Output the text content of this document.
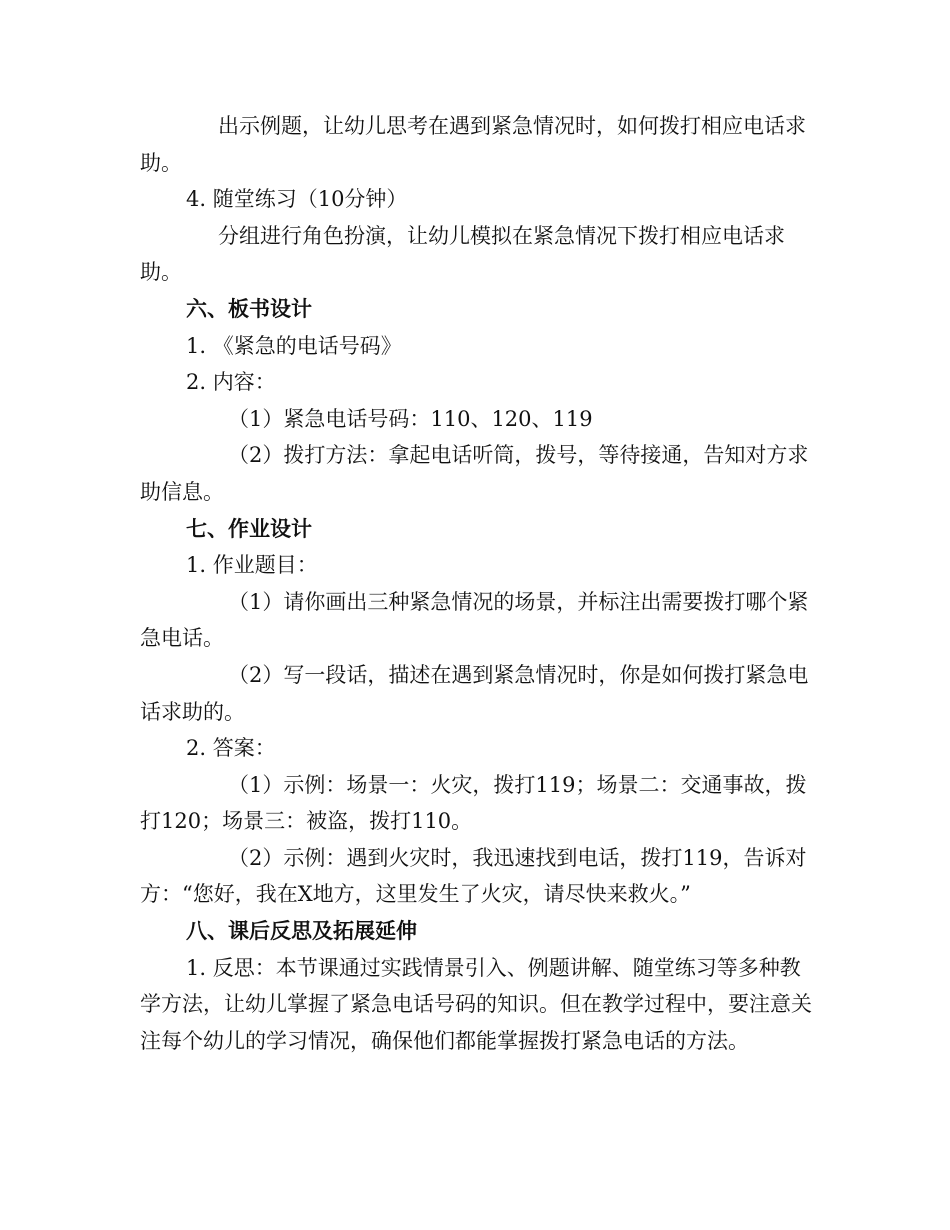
出示例题，让幼儿思考在遇到紧急情况时，如何拨打相应电话求助。

4. 随堂练习（10分钟）

分组进行角色扮演，让幼儿模拟在紧急情况下拨打相应电话求助。

六、板书设计

1. 《紧急的电话号码》

2. 内容：

（1）紧急电话号码：110、120、119

（2）拨打方法：拿起电话听筒，拨号，等待接通，告知对方求助信息。

七、作业设计

1. 作业题目：

（1）请你画出三种紧急情况的场景，并标注出需要拨打哪个紧急电话。

（2）写一段话，描述在遇到紧急情况时，你是如何拨打紧急电话求助的。

2. 答案：

（1）示例：场景一：火灾，拨打119；场景二：交通事故，拨打120；场景三：被盗，拨打110。

（2）示例：遇到火灾时，我迅速找到电话，拨打119，告诉对方：“您好，我在X地方，这里发生了火灾，请尽快来救火。”

八、课后反思及拓展延伸

1. 反思：本节课通过实践情景引入、例题讲解、随堂练习等多种教学方法，让幼儿掌握了紧急电话号码的知识。但在教学过程中，要注意关注每个幼儿的学习情况，确保他们都能掌握拨打紧急电话的方法。
